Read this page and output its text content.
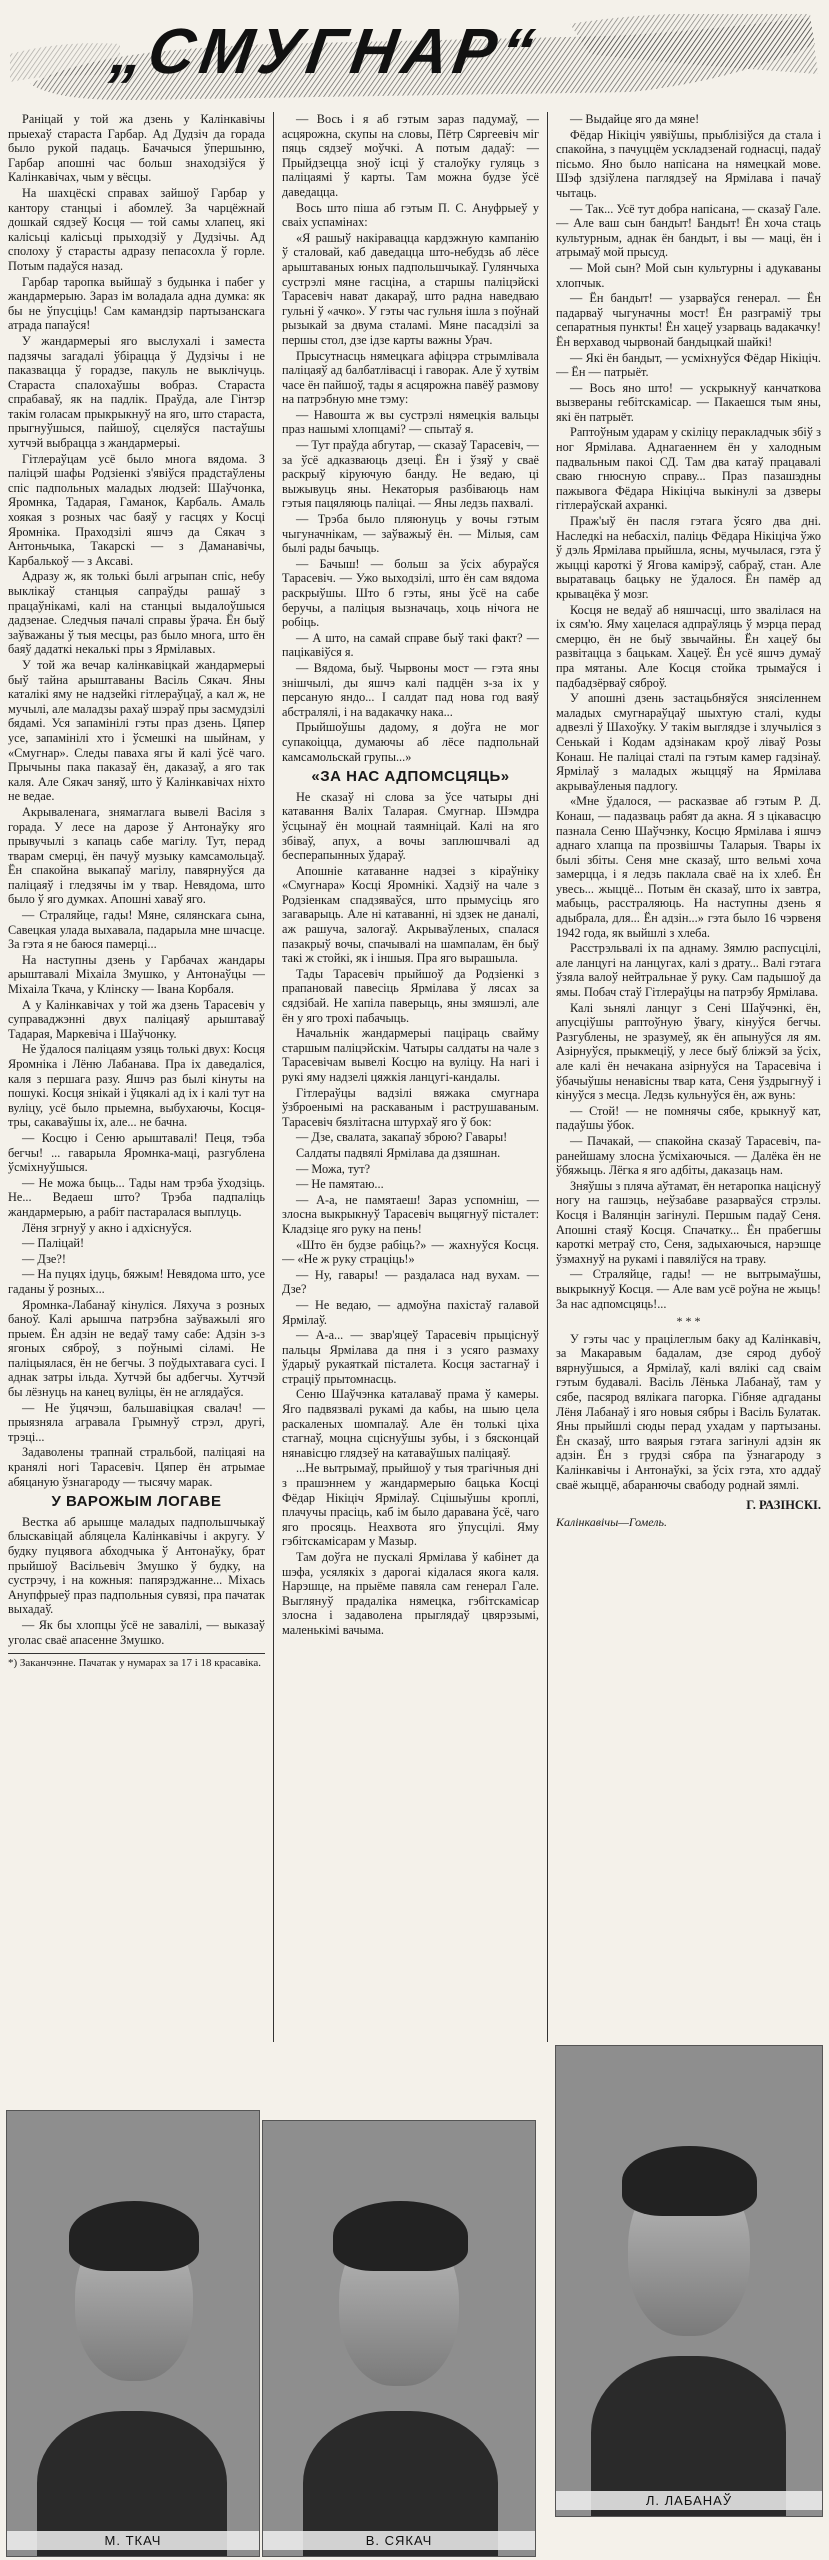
„СМУГНАР“

Раніцай у той жа дзень у Калінкавічы прыехаў стараста Гарбар. Ад Дудзіч да горада было рукой падаць. Бачачыся ўпершыню, Гарбар апошні час больш знаходзіўся ў Калінкавічах, чым у вёсцы.

На шахцёскі справах зайшоў Гарбар у кантору станцыі і абомлеў. За чарцёжнай дошкай сядзеў Косця — той самы хлапец, які калісьці калісьці прыходзіў у Дудзічы. Ад сполоху ў старасты адразу пепасохла ў горле. Потым падаўся назад.

Гарбар таропка выйшаў з будынка і пабег у жандармерыю. Зараз ім воладала адна думка: як бы не ўпусціць! Сам камандзір партызанскага атрада папаўся!

У жандармерыі яго выслухалі і заместа падзячы загадалі ўбірацца ў Дудзічы і не паказвацца ў горадзе, пакуль не выклічуць. Стараста спалохаўшы вобраз. Стараста спрабаваў, як на падлік. Праўда, але Гінтэр такім голасам прыкрыкнуў на яго, што стараста, прыгнуўшыся, пайшоў, сцеляўся пастаўшы хутчэй выбрацца з жандармерыі.

Гітлераўцам усё было многа вядома. З паліцэй шафы Родзіенкі з'явіўся прадстаўлены спіс падпольных маладых людзей: Шаўчонка, Яромнка, Тадарая, Гаманок, Карбаль. Амаль хоякая з розных час баяў у гасцях у Косці Яромніка. Праходзілі яшчэ да Сякач з Антоньчыка, Такарскі — з Даманавічы, Карбалькоў — з Аксаві.

Адразу ж, як толькі былі агрыпан спіс, небу выклікаў станцыя сапраўды рашаў з працаўнікамі, калі на станцыі выдалоўшыся дадзенае. Следчыя пачалі справы ўрача. Ён быў заўважаны ў тыя месцы, раз было многа, што ён баяў дадаткі некалькі пры з Ярмілавых.

У той жа вечар калінкавіцкай жандармерыі быў тайна арыштаваны Васіль Сякач. Яны каталікі яму не надзейкі гітлераўцаў, а кал ж, не мучылі, але маладзы рахаў шэраў пры засмудзілі бядамі. Уся запамінілі гэты праз дзень. Цяпер усе, запамінілі хто і ўсмешкі на шыйнам, у «Смугнар». Следы паваха ягы й калі ўсё чаго. Прычыны пака паказаў ён, даказаў, а яго так каля. Але Сякач заняў, што ў Калінкавічах ніхто не ведае.

Акрываленага, знямаглага вывелі Васіля з горада. У лесе на дарозе ў Антонаўку яго прывучылі з капаць сабе магілу. Тут, перад тварам смерці, ён пачуў музыку камсамольцаў. Ён спакойна выкапаў магілу, павярнуўся да паліцаяў і гледзячы ім у твар. Невядома, што было ў яго думках. Апошні хаваў яго.

— Страляйце, гады! Мяне, сялянскага сына, Савецкая улада выхавала, падарыла мне шчасце. За гэта я не баюся памерці...

На наступны дзень у Гарбачах жандары арыштавалі Міхаіла Змушко, у Антонаўцы — Міхаіла Ткача, у Клінску — Івана Корбаля.

А у Калінкавічах у той жа дзень Тарасевіч у суправаджэнні двух паліцаяў арыштаваў Тадарая, Маркевіча і Шаўчонку.

Не ўдалося паліцаям узяць толькі двух: Косця Яромніка і Лёню Лабанава. Пра іх даведаліся, каля з першага разу. Яшчэ раз былі кінуты на пошукі. Косця знікай і ўцякалі ад іх і калі тут на вуліцу, усё было прыемна, выбухаючы, Косця-тры, сакаваўшы іх, але... не бачна.

— Косцю і Сеню арыштавалі! Пеця, тэба бегчы! ... гаварыла Яромнка-маці, разгублена ўсміхнуўшыся.

— Не можа быць... Тады нам трэба ўходзіць. Не... Ведаеш што? Трэба падпаліць жандармерыю, а рабіт пастаралася выплуць.

Лёня згрнуў у акно і адхіснуўся.

— Паліцай!

— Дзе?!

— На пуцях ідуць, бяжым! Невядома што, усе гаданы ў розных...

Яромнка-Лабанаў кінуліся. Ляхуча з розных баноў. Калі арышча патрэбна заўважылі яго прыем. Ён адзін не ведаў таму сабе: Адзін з-з ягоных сяброў, з поўнымі сіламі. Не паліцыялася, ён не бегчы. З поўдыхтавага сусі. І аднак затры ільда. Хутчэй бы адбегчы. Хутчэй бы лёзнуць на канец вуліцы, ён не аглядаўся.

— Не ўцячэш, бальшавіцкая свалач! — прыязняла агравала Грымнуў стрэл, другі, трэці...

Задаволены трапнай стральбой, паліцаяі на кранялі ногі Тарасевіч. Цяпер ён атрымае абяцаную ўзнагароду — тысячу марак.

У ВАРОЖЫМ ЛОГАВЕ

Вестка аб арышце маладых падпольшчыкаў блыскавіцай абляцела Калінкавічы і акругу. У будку пуцявога абходчыка ў Антонаўку, брат прыйшоў Васільевіч Змушко ў будку, на сустрэчу, і на кожныя: папярэджанне... Міхась Анупфрыеў праз падпольныя сувязі, пра пачатак выхадаў.

— Як бы хлопцы ўсё не завалілі, — выказаў уголас сваё апасенне Змушко.

*) Заканчэнне. Пачатак у нумарах за 17 і 18 красавіка.

— Вось і я аб гэтым зараз падумаў, — асцярожна, скупы на словы, Пётр Сяргеевіч міг пяць сядзеў моўчкі. А потым дадаў: — Прыйдзецца зноў ісці ў сталоўку гуляць з паліцаямі ў карты. Там можна будзе ўсё даведацца.

Вось што піша аб гэтым П. С. Ануфрыеў у сваіх успамінах:

«Я рашыў накіравацца кардэжную кампанію ў сталовай, каб даведацца што-небудзь аб лёсе арыштаваных юных падпольшчыкаў. Гулянчыха сустрэлі мяне гасціна, а старшы паліцэйскі Тарасевіч нават дакараў, што радна наведваю гульні ў «ачко». У гэты час гульня ішла з поўнай рызыкай за двума сталамі. Мяне пасадзілі за першы стол, дзе ідзе карты важны Урач.

Прысутнасць нямецкага афіцэра стрымлівала паліцаяў ад балбатлівасці і гаворак. Але ў хутвім часе ён пайшоў, тады я асцярожна павёў размову на патрэбную мне тэму:

— Навошта ж вы сустрэлі нямецкія вальцы праз нашымі хлопцамі? — спытаў я.

— Тут праўда абгутар, — сказаў Тарасевіч, — за ўсё адказваюць дзеці. Ён і ўзяў у сваё раскрыў кіруючую банду. Не ведаю, ці выжывуць яны. Некаторыя разбіваюць нам гэтыя пацяляюць паліцаі. — Яны ледзь пахвалі.

— Трэба было пляюнуць у вочы гэтым чыгуначнікам, — заўважыў ён. — Мілыя, сам былі рады бачыць.

— Бачыш! — больш за ўсіх абураўся Тарасевіч. — Ужо выходзілі, што ён сам вядома раскрыўшы. Што б гэты, яны ўсё на сабе беручы, а паліцыя вызначаць, хоць нічога не робіць.

— А што, на самай справе быў такі факт? — пацікавіўся я.

— Вядома, быў. Чырвоны мост — гэта яны знішчылі, ды яшчэ калі падцён з-за іх у персаную яндо... І салдат пад нова год ваяў абстралялі, і на вадакачку нака...

Прыйшоўшы дадому, я доўга не мог супакоіцца, думаючы аб лёсе падпольнай камсамольскай групы...»

«ЗА НАС АДПОМСЦЯЦЬ»

Не сказаў ні слова за ўсе чатыры дні катавання Валіх Таларая. Смугнар. Шэмдра ўсцынаў ён моцнай таямніцай. Калі на яго збіваў, апух, а вочы заплюшчвалі ад бесперапынных ўдараў.

Апошніе катаванне надзеі з кіраўніку «Смугнара» Косці Яромнікі. Хадзіў на чале з Родзіенкам спадзяваўся, што прымусіць яго загаварыць. Але ні катаванні, ні здзек не даналі, аж рашуча, залогаў. Акрываўленых, спалася пазакрыў вочы, спачывалі на шампалам, ён быў такі ж стойкі, як і іншыя. Пра яго вырашыла.

Тады Тарасевіч прыйшоў да Родзіенкі з прапановай павесіць Ярмілава ў лясах за сядзібай. Не хапіла паверыць, яны змяшэлі, але ён у яго трохі пабачыць.

Начальнік жандармерыі паціраць свайму старшым паліцэйскім. Чатыры салдаты на чале з Тарасевічам вывелі Косцю на вуліцу. На нагі і рукі яму надзелі цяжкія ланцугі-кандалы.

Гітлераўцы вадзілі вяжака смугнара ўзброенымі на раскаваным і раструшаваным. Тарасевіч бязлітасна штурхаў яго ў бок:

— Дзе, свалата, закапаў зброю? Гавары!

Салдаты падвялі Ярмілава да дзяшнан.

— Можа, тут?

— Не памятаю...

— А-а, не памятаеш! Зараз успомніш, — злосна выкрыкнуў Тарасевіч выцягнуў пісталет: Кладзіце яго руку на пень!

«Што ён будзе рабіць?» — жахнуўся Косця. — «Не ж руку страціць!»

— Ну, гавары! — раздаласа над вухам. — Дзе?

— Не ведаю, — адмоўна пахістаў галавой Ярмілаў.

— А-а... — звар'яцеў Тарасевіч прыціснуў пальцы Ярмілава да пня і з усяго размаху ўдарыў рукаяткай пісталета. Косця застагнаў і страціў прытомнасць.

Сеню Шаўчэнка каталаваў прама ў камеры. Яго падвязвалі рукамі да кабы, на шыю цела раскаленых шомпалаў. Але ён толькі ціха стагнаў, моцна сціснуўшы зубы, і з бясконцай нянавісцю глядзеў на катаваўшых паліцаяў.

...Не вытрымаў, прыйшоў у тыя трагічныя дні з прашэннем у жандармерыю бацька Косці Фёдар Нікіціч Ярмілаў. Сцішыўшы кроплі, плачучы прасіць, каб ім было даравана ўсё, чаго яго просяць. Неахвота яго ўпусцілі. Яму гэбітскамісарам у Мазыр.

Там доўга не пускалі Ярмілава ў кабінет да шэфа, усялякіх з дарогаі кідалася якога каля. Нарэшце, на прыёме павяла сам генерал Гале. Выглянуў прадаліка нямецка, гэбітскамісар злосна і задаволена прыглядаў цвярэзымі, маленькімі вачыма.

— Выдайце яго да мяне!

Фёдар Нікіціч уявіўшы, прыблізіўся да стала і спакойна, з пачуццём ускладзенай годнасці, падаў пісьмо. Яно было напісана на нямецкай мове. Шэф здзіўлена паглядзеў на Ярмілава і пачаў чытаць.

— Так... Усё тут добра напісана, — сказаў Гале. — Але ваш сын бандыт! Бандыт! Ён хоча стаць культурным, аднак ён бандыт, і вы — маці, ён і атрымаў мой прысуд.

— Мой сын? Мой сын культурны і адукаваны хлопчык.

— Ён бандыт! — узарваўся генерал. — Ён падарваў чыгуначны мост! Ён разграміў тры сепаратныя пункты! Ён хацеў узарваць вадакачку! Ён верхавод чырвонай бандыцкай шайкі!

— Які ён бандыт, — усміхнуўся Фёдар Нікіціч. — Ён — патрыёт.

— Вось яно што! — ускрыкнуў канчаткова вызвераны гебітскамісар. — Пакаешся тым яны, які ён патрыёт.

Раптоўным ударам у скіліцу перакладчык збіў з ног Ярмілава. Аднагаеннем ён у халодным падвальным пакоі СД. Там два катаў працавалі сваю гнюсную справу... Праз пазашэдны пажывога Фёдара Нікіціча выкінулі за дзверы гітлераўскай ахранкі.

Праж'ыў ён пасля гэтага ўсяго два дні. Наследкі на небасхіл, паліць Фёдара Нікіціча ўжо ў дэль Ярмілава прыйшла, ясны, мучылася, гэта ў жыцці кароткі ў Ягова камірэў, сабраў, стан. Але выратаваць бацьку не ўдалося. Ён памёр ад крывацёка ў мозг.

Косця не ведаў аб няшчасці, што звалілася на іх сям'ю. Яму хацелася адпраўляць ў мэрца перад смерцю, ён не быў звычайны. Ён хацеў бы развітацца з бацькам. Хацеў. Ён усё яшчэ думаў пра мятаны. Але Косця стойка трымаўся і падбадзёрваў сяброў.

У апошні дзень застацьбняўся знясіленнем маладых смугнараўцаў шыхтую сталі, куды адвезлі ў Шахоўку. У такім выглядзе і злучыліся з Сенькай і Кодам адзінакам кроў ліваў Розы Конаш. Не паліцаі сталі па гэтым камер гадзінаў. Ярмілаў з маладых жыццяў на Ярмілава акрываўленыя падлогу.

«Мне ўдалося, — расказвае аб гэтым Р. Д. Конаш, — падазваць рабят да акна. Я з цікавасцю пазнала Сеню Шаўчэнку, Косцю Ярмілава і яшчэ аднаго хлапца па прозвішчы Таларыя. Твары іх былі збіты. Сеня мне сказаў, што вельмі хоча замерцца, і я ледзь паклала сваё на іх хлеб. Ён увесь... жыццё... Потым ён сказаў, што іх завтра, мабыць, расстраляюць. На наступны дзень я адыбрала, для... Ён адзін...» гэта было 16 чэрвеня 1942 года, як выйшлі з хлеба.

Расстрэльвалі іх па аднаму. Зямлю распусцілі, але ланцугі на ланцугах, калі з драту... Валі гэтага ўзяла валоў нейтральнае ў руку. Сам падышоў да ямы. Побач стаў Гітлераўцы на патрэбу Ярмілава.

Калі зьнялі ланцуг з Сені Шаўчэнкі, ён, апусціўшы раптоўную ўвагу, кінуўся бегчы. Разгублены, не зразумеў, як ён апынуўся ля ям. Азірнуўся, прыкмеціў, у лесе быў бліжэй за ўсіх, але калі ён нечакана азірнуўся на Тарасевіча і ўбачыўшы ненавісны твар ката, Сеня ўздрыгнуў і кінуўся з месца. Ледзь кульнуўся ён, аж вунь:

— Стой! — не помнячы сябе, крыкнуў кат, падаўшы ўбок.

— Пачакай, — спакойна сказаў Тарасевіч, па-ранейшаму злосна ўсміхаючыся. — Далёка ён не ўбяжыць. Лёгка я яго адбіты, даказаць нам.

Зняўшы з пляча аўтамат, ён нетаропка націснуў ногу на гашэць, неўзабаве разарваўся стрэлы. Косця і Валянцін загінулі. Першым падаў Сеня. Апошні стаяў Косця. Спачатку... Ён прабегшы кароткі метраў сто, Сеня, задыхаючыся, нарэшце ўзмахнуў на рукамі і павяліўся на траву.

— Страляйце, гады! — не вытрымаўшы, выкрыкнуў Косця. — Але вам усё роўна не жыць! За нас адпомсцяць!...

* * *

У гэты час у працілеглым баку ад Калінкавіч, за Макаравым бадалам, дзе сярод дубоў вярнуўшыся, а Ярмілаў, калі вялікі сад сваім гэтым будавалі. Васіль Лёнька Лабанаў, там у сябе, пасярод вялікага пагорка. Гібняе адгаданы Лёня Лабанаў і яго новыя сябры і Васіль Булатак. Яны прыйшлі сюды перад ухадам у партызаны. Ён сказаў, што ваярыя гэтага загінулі адзін як адзін. Ён з грудзі сябра па ўзнагароду з Калінкавічы і Антонаўкі, за ўсіх гэта, хто аддаў сваё жыццё, абаранючы свабоду роднай зямлі.

Г. РАЗІНСКІ.
Калінкавічы—Гомель.
М. ТКАЧ	В. СЯКАЧ
Л. ЛАБАНАЎ
